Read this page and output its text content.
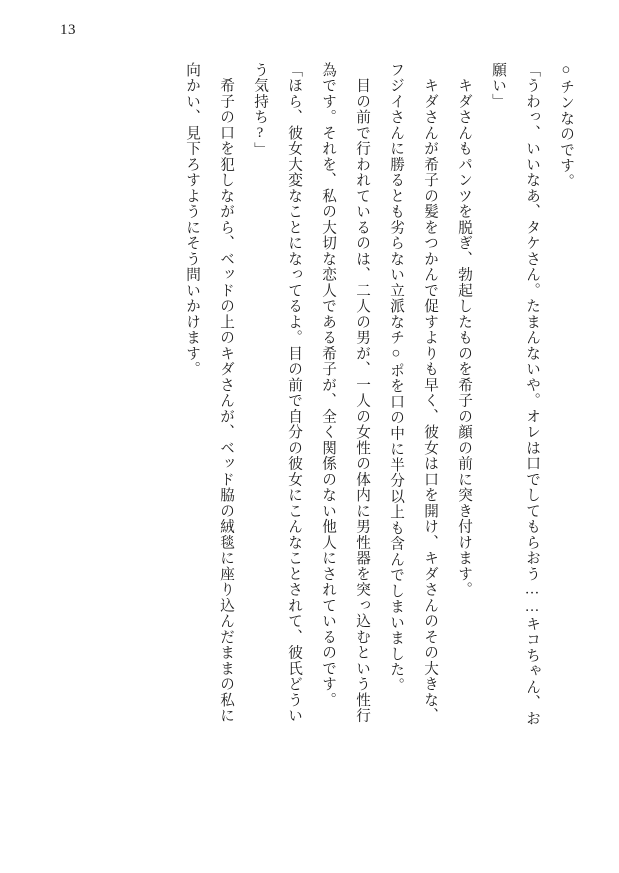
13
○チンなのです。
「うわっ、いいなあ、タケさん。たまんないや。オレは口でしてもらおう……キコちゃん、お
願い」
　キダさんもパンツを脱ぎ、勃起したものを希子の顔の前に突き付けます。
　キダさんが希子の髪をつかんで促すよりも早く、彼女は口を開け、キダさんのその大きな、
フジイさんに勝るとも劣らない立派なチ○ポを口の中に半分以上も含んでしまいました。
　目の前で行われているのは、二人の男が、一人の女性の体内に男性器を突っ込むという性行
為です。それを、私の大切な恋人である希子が、全く関係のない他人にされているのです。
「ほら、彼女大変なことになってるよ。目の前で自分の彼女にこんなことされて、彼氏どうい
う気持ち?」
　希子の口を犯しながら、ベッドの上のキダさんが、ベッド脇の絨毯に座り込んだままの私に
向かい、見下ろすようにそう問いかけます。
